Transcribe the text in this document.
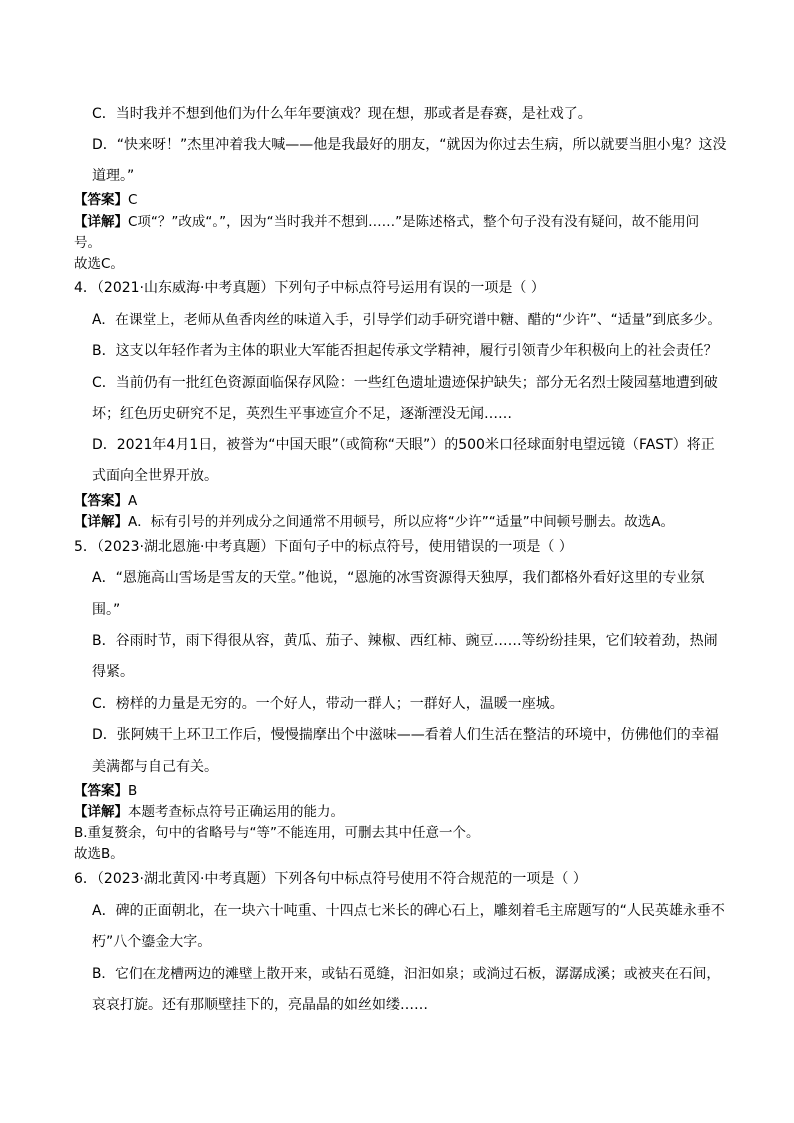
C．当时我并不想到他们为什么年年要演戏？现在想，那或者是春赛，是社戏了。
D．“快来呀！”杰里冲着我大喊——他是我最好的朋友，“就因为你过去生病，所以就要当胆小鬼？这没
道理。”
【答案】C
【详解】C项“？”改成“。”，因为“当时我并不想到……”是陈述格式，整个句子没有没有疑问，故不能用问
号。
故选C。
4．（2021·山东威海·中考真题）下列句子中标点符号运用有误的一项是（ ）
A．在课堂上，老师从鱼香肉丝的味道入手，引导学们动手研究谱中糖、醋的“少许”、“适量”到底多少。
B．这支以年轻作者为主体的职业大军能否担起传承文学精神，履行引领青少年积极向上的社会责任？
C．当前仍有一批红色资源面临保存风险：一些红色遗址遗迹保护缺失；部分无名烈士陵园墓地遭到破
坏；红色历史研究不足，英烈生平事迹宣介不足，逐渐湮没无闻……
D．2021年4月1日，被誉为“中国天眼”（或简称“天眼”）的500米口径球面射电望远镜（FAST）将正
式面向全世界开放。
【答案】A
【详解】A．标有引号的并列成分之间通常不用顿号，所以应将“少许”“适量”中间顿号删去。故选A。
5．（2023·湖北恩施·中考真题）下面句子中的标点符号，使用错误的一项是（ ）
A．“恩施高山雪场是雪友的天堂。”他说，“恩施的冰雪资源得天独厚，我们都格外看好这里的专业氛
围。”
B．谷雨时节，雨下得很从容，黄瓜、茄子、辣椒、西红柿、豌豆……等纷纷挂果，它们较着劲，热闹
得紧。
C．榜样的力量是无穷的。一个好人，带动一群人；一群好人，温暖一座城。
D．张阿姨干上环卫工作后，慢慢揣摩出个中滋味——看着人们生活在整洁的环境中，仿佛他们的幸福
美满都与自己有关。
【答案】B
【详解】本题考查标点符号正确运用的能力。
B.重复赘余，句中的省略号与“等”不能连用，可删去其中任意一个。
故选B。
6．（2023·湖北黄冈·中考真题）下列各句中标点符号使用不符合规范的一项是（ ）
A．碑的正面朝北，在一块六十吨重、十四点七米长的碑心石上，雕刻着毛主席题写的“人民英雄永垂不
朽”八个鎏金大字。
B．它们在龙槽两边的滩壁上散开来，或钻石觅缝，汩汩如泉；或淌过石板，潺潺成溪；或被夹在石间，
哀哀打旋。还有那顺壁挂下的，亮晶晶的如丝如缕……
